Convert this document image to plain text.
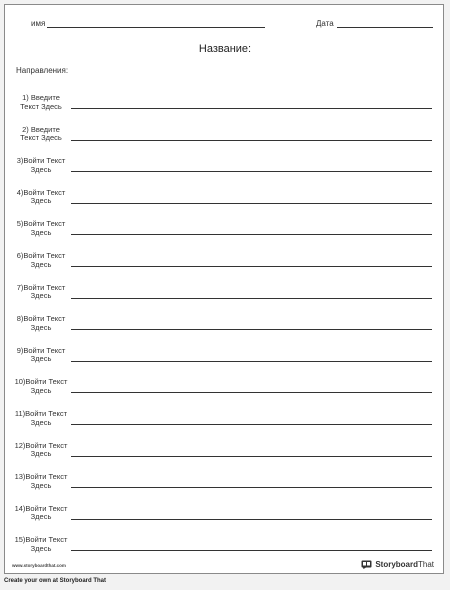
имя	Дата
Название:
Направления:
1) Введите Текст Здесь
2) Введите Текст Здесь
3)Войти Текст Здесь
4)Войти Текст Здесь
5)Войти Текст Здесь
6)Войти Текст Здесь
7)Войти Текст Здесь
8)Войти Текст Здесь
9)Войти Текст Здесь
10)Войти Текст Здесь
11)Войти Текст Здесь
12)Войти Текст Здесь
13)Войти Текст Здесь
14)Войти Текст Здесь
15)Войти Текст Здесь
www.storyboardthat.com	StoryboardThat
Create your own at Storyboard That
